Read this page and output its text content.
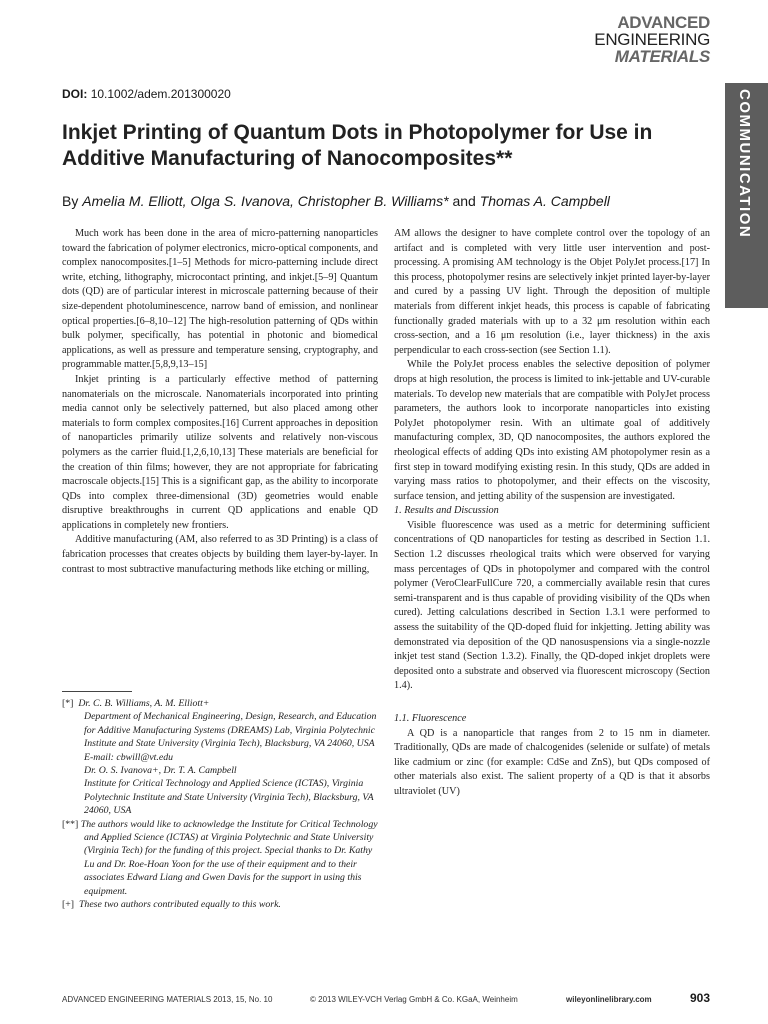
ADVANCED
ENGINEERING
MATERIALS
COMMUNICATION
DOI: 10.1002/adem.201300020
Inkjet Printing of Quantum Dots in Photopolymer for Use in Additive Manufacturing of Nanocomposites**
By Amelia M. Elliott, Olga S. Ivanova, Christopher B. Williams* and Thomas A. Campbell

Much work has been done in the area of micro-patterning nanoparticles toward the fabrication of polymer electronics, micro-optical components, and complex nanocomposites.[1–5] Methods for micro-patterning include direct write, etching, lithography, microcontact printing, and inkjet.[5–9] Quantum dots (QD) are of particular interest in microscale patterning because of their size-dependent photoluminescence, narrow band of emission, and nonlinear optical properties.[6–8,10–12] The high-resolution patterning of QDs within bulk polymer, specifically, has potential in photonic and biomedical applications, as well as pressure and temperature sensing, cryptography, and programmable matter.[5,8,9,13–15]

Inkjet printing is a particularly effective method of patterning nanomaterials on the microscale. Nanomaterials incorporated into printing media cannot only be selectively patterned, but also placed among other materials to form complex composites.[16] Current approaches in deposition of nanoparticles primarily utilize solvents and relatively non-viscous polymers as the carrier fluid.[1,2,6,10,13] These materials are beneficial for the creation of thin films; however, they are not appropriate for fabricating macroscale objects.[15] This is a significant gap, as the ability to incorporate QDs into complex three-dimensional (3D) geometries would enable disruptive breakthroughs in current QD applications and enable QD applications in completely new frontiers.

Additive manufacturing (AM, also referred to as 3D Printing) is a class of fabrication processes that creates objects by building them layer-by-layer. In contrast to most subtractive manufacturing methods like etching or milling,

AM allows the designer to have complete control over the topology of an artifact and is completed with very little user intervention and post-processing. A promising AM technology is the Objet PolyJet process.[17] In this process, photopolymer resins are selectively inkjet printed layer-by-layer and cured by a passing UV light. Through the deposition of multiple materials from different inkjet heads, this process is capable of fabricating functionally graded materials with up to a 32 μm resolution within each cross-section, and a 16 μm resolution (i.e., layer thickness) in the axis perpendicular to each cross-section (see Section 1.1).

While the PolyJet process enables the selective deposition of polymer drops at high resolution, the process is limited to ink-jettable and UV-curable materials. To develop new materials that are compatible with PolyJet process parameters, the authors look to incorporate nanoparticles into existing PolyJet photopolymer resin. With an ultimate goal of additively manufacturing complex, 3D, QD nanocomposites, the authors explored the rheological effects of adding QDs into existing AM photopolymer resin as a first step in toward modifying existing resin. In this study, QDs are added in varying mass ratios to photopolymer, and their effects on the viscosity, surface tension, and jetting ability of the suspension are investigated.

1. Results and Discussion

Visible fluorescence was used as a metric for determining sufficient concentrations of QD nanoparticles for testing as described in Section 1.1. Section 1.2 discusses rheological traits which were observed for varying mass percentages of QDs in photopolymer and compared with the control polymer (VeroClearFullCure 720, a commercially available resin that cures semi-transparent and is thus capable of providing visibility of the QDs when cured). Jetting calculations described in Section 1.3.1 were performed to assess the suitability of the QD-doped fluid for inkjetting. Jetting ability was demonstrated via deposition of the QD nanosuspensions via a single-nozzle inkjet test stand (Section 1.3.2). Finally, the QD-doped inkjet droplets were deposited onto a substrate and observed via fluorescent microscopy (Section 1.4).

1.1. Fluorescence

A QD is a nanoparticle that ranges from 2 to 15 nm in diameter. Traditionally, QDs are made of chalcogenides (selenide or sulfate) of metals like cadmium or zinc (for example: CdSe and ZnS), but QDs composed of other materials also exist. The salient property of a QD is that it absorbs ultraviolet (UV)

[*] Dr. C. B. Williams, A. M. Elliott+

Department of Mechanical Engineering, Design, Research, and Education for Additive Manufacturing Systems (DREAMS) Lab, Virginia Polytechnic Institute and State University (Virginia Tech), Blacksburg, VA 24060, USA

E-mail: cbwill@vt.edu

Dr. O. S. Ivanova+, Dr. T. A. Campbell

Institute for Critical Technology and Applied Science (ICTAS), Virginia Polytechnic Institute and State University (Virginia Tech), Blacksburg, VA 24060, USA

[**] The authors would like to acknowledge the Institute for Critical Technology and Applied Science (ICTAS) at Virginia Polytechnic and State University (Virginia Tech) for the funding of this project. Special thanks to Dr. Kathy Lu and Dr. Roe-Hoan Yoon for the use of their equipment and to their associates Edward Liang and Gwen Davis for the support in using this equipment.

[+] These two authors contributed equally to this work.

ADVANCED ENGINEERING MATERIALS 2013, 15, No. 10	© 2013 WILEY-VCH Verlag GmbH & Co. KGaA, Weinheim	wileyonlinelibrary.com	903
